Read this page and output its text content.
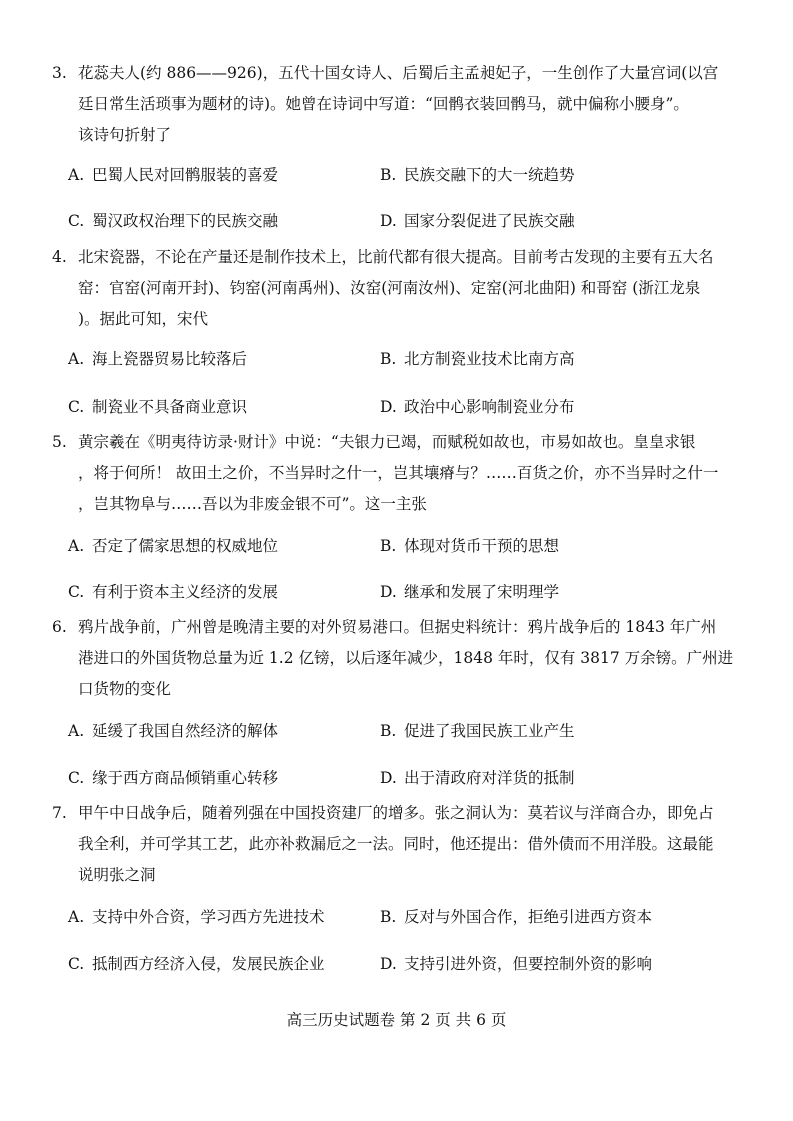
3. 花蕊夫人(约 886——926)，五代十国女诗人、后蜀后主孟昶妃子，一生创作了大量宫词(以宫
廷日常生活琐事为题材的诗)。她曾在诗词中写道：“回鹘衣装回鹘马，就中偏称小腰身”。
该诗句折射了
A. 巴蜀人民对回鹘服装的喜爱	B. 民族交融下的大一统趋势
C. 蜀汉政权治理下的民族交融	D. 国家分裂促进了民族交融
4. 北宋瓷器，不论在产量还是制作技术上，比前代都有很大提高。目前考古发现的主要有五大名
窑：官窑(河南开封)、钧窑(河南禹州)、汝窑(河南汝州)、定窑(河北曲阳) 和哥窑 (浙江龙泉
)。据此可知，宋代
A. 海上瓷器贸易比较落后	B. 北方制瓷业技术比南方高
C. 制瓷业不具备商业意识	D. 政治中心影响制瓷业分布
5. 黄宗羲在《明夷待访录·财计》中说：“夫银力已竭，而赋税如故也，市易如故也。皇皇求银
，将于何所！ 故田土之价，不当异时之什一，岂其壤瘠与？……百货之价，亦不当异时之什一
，岂其物阜与……吾以为非废金银不可”。这一主张
A. 否定了儒家思想的权威地位	B. 体现对货币干预的思想
C. 有利于资本主义经济的发展	D. 继承和发展了宋明理学
6. 鸦片战争前，广州曾是晚清主要的对外贸易港口。但据史料统计：鸦片战争后的 1843 年广州
港进口的外国货物总量为近 1.2 亿镑，以后逐年减少，1848 年时，仅有 3817 万余镑。广州进
口货物的变化
A. 延缓了我国自然经济的解体	B. 促进了我国民族工业产生
C. 缘于西方商品倾销重心转移	D. 出于清政府对洋货的抵制
7. 甲午中日战争后，随着列强在中国投资建厂的增多。张之洞认为：莫若议与洋商合办，即免占
我全利，并可学其工艺，此亦补救漏卮之一法。同时，他还提出：借外债而不用洋股。这最能
说明张之洞
A. 支持中外合资，学习西方先进技术	B. 反对与外国合作，拒绝引进西方资本
C. 抵制西方经济入侵，发展民族企业	D. 支持引进外资，但要控制外资的影响
高三历史试题卷 第 2 页 共 6 页
